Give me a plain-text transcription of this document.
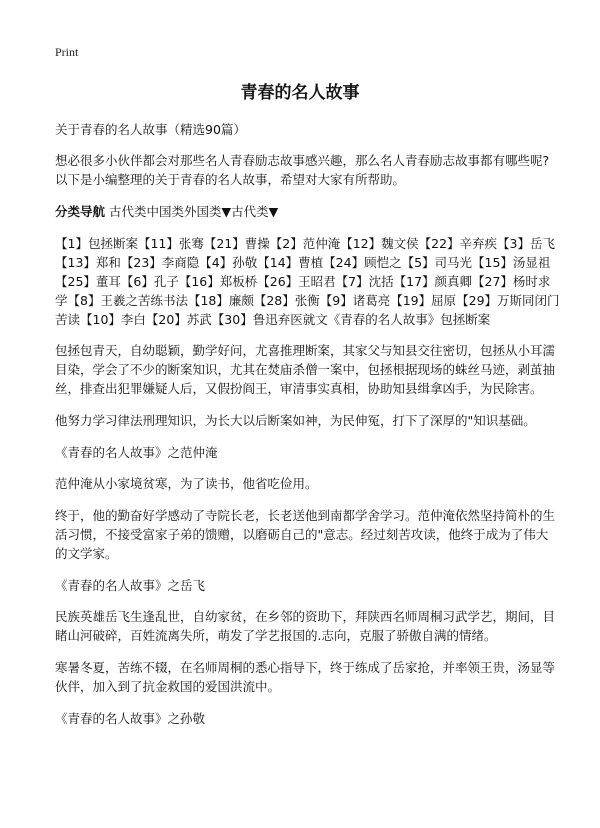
Print
青春的名人故事

关于青春的名人故事（精选90篇）

想必很多小伙伴都会对那些名人青春励志故事感兴趣，那么名人青春励志故事都有哪些呢?以下是小编整理的关于青春的名人故事，希望对大家有所帮助。

分类导航 古代类中国类外国类▼古代类▼

【1】包拯断案【11】张骞【21】曹操【2】范仲淹【12】魏文侯【22】辛弃疾【3】岳飞【13】郑和【23】李商隐【4】孙敬【14】曹植【24】顾恺之【5】司马光【15】汤显祖【25】董耳【6】孔子【16】郑板桥【26】王昭君【7】沈括【17】颜真卿【27】杨时求学【8】王羲之苦练书法【18】廉颇【28】张衡【9】诸葛亮【19】屈原【29】万斯同闭门苦读【10】李白【20】苏武【30】鲁迅弃医就文《青春的名人故事》包拯断案

包拯包青天，自幼聪颖，勤学好问，尤喜推理断案，其家父与知县交往密切，包拯从小耳濡目染，学会了不少的断案知识，尤其在焚庙杀僧一案中，包拯根据现场的蛛丝马迹，剥茧抽丝，排查出犯罪嫌疑人后，又假扮阎王，审清事实真相，协助知县缉拿凶手，为民除害。

他努力学习律法刑理知识，为长大以后断案如神，为民伸冤，打下了深厚的"知识基础。

《青春的名人故事》之范仲淹

范仲淹从小家境贫寒，为了读书，他省吃俭用。

终于，他的勤奋好学感动了寺院长老，长老送他到南都学舍学习。范仲淹依然坚持简朴的生活习惯，不接受富家子弟的馈赠，以磨砺自己的"意志。经过刻苦攻读，他终于成为了伟大的文学家。

《青春的名人故事》之岳飞

民族英雄岳飞生逢乱世，自幼家贫，在乡邻的资助下，拜陕西名师周桐习武学艺，期间，目睹山河破碎，百姓流离失所，萌发了学艺报国的.志向，克服了骄傲自满的情绪。

寒暑冬夏，苦练不辍，在名师周桐的悉心指导下，终于练成了岳家抢，并率领王贵，汤显等伙伴，加入到了抗金救国的爱国洪流中。

《青春的名人故事》之孙敬
